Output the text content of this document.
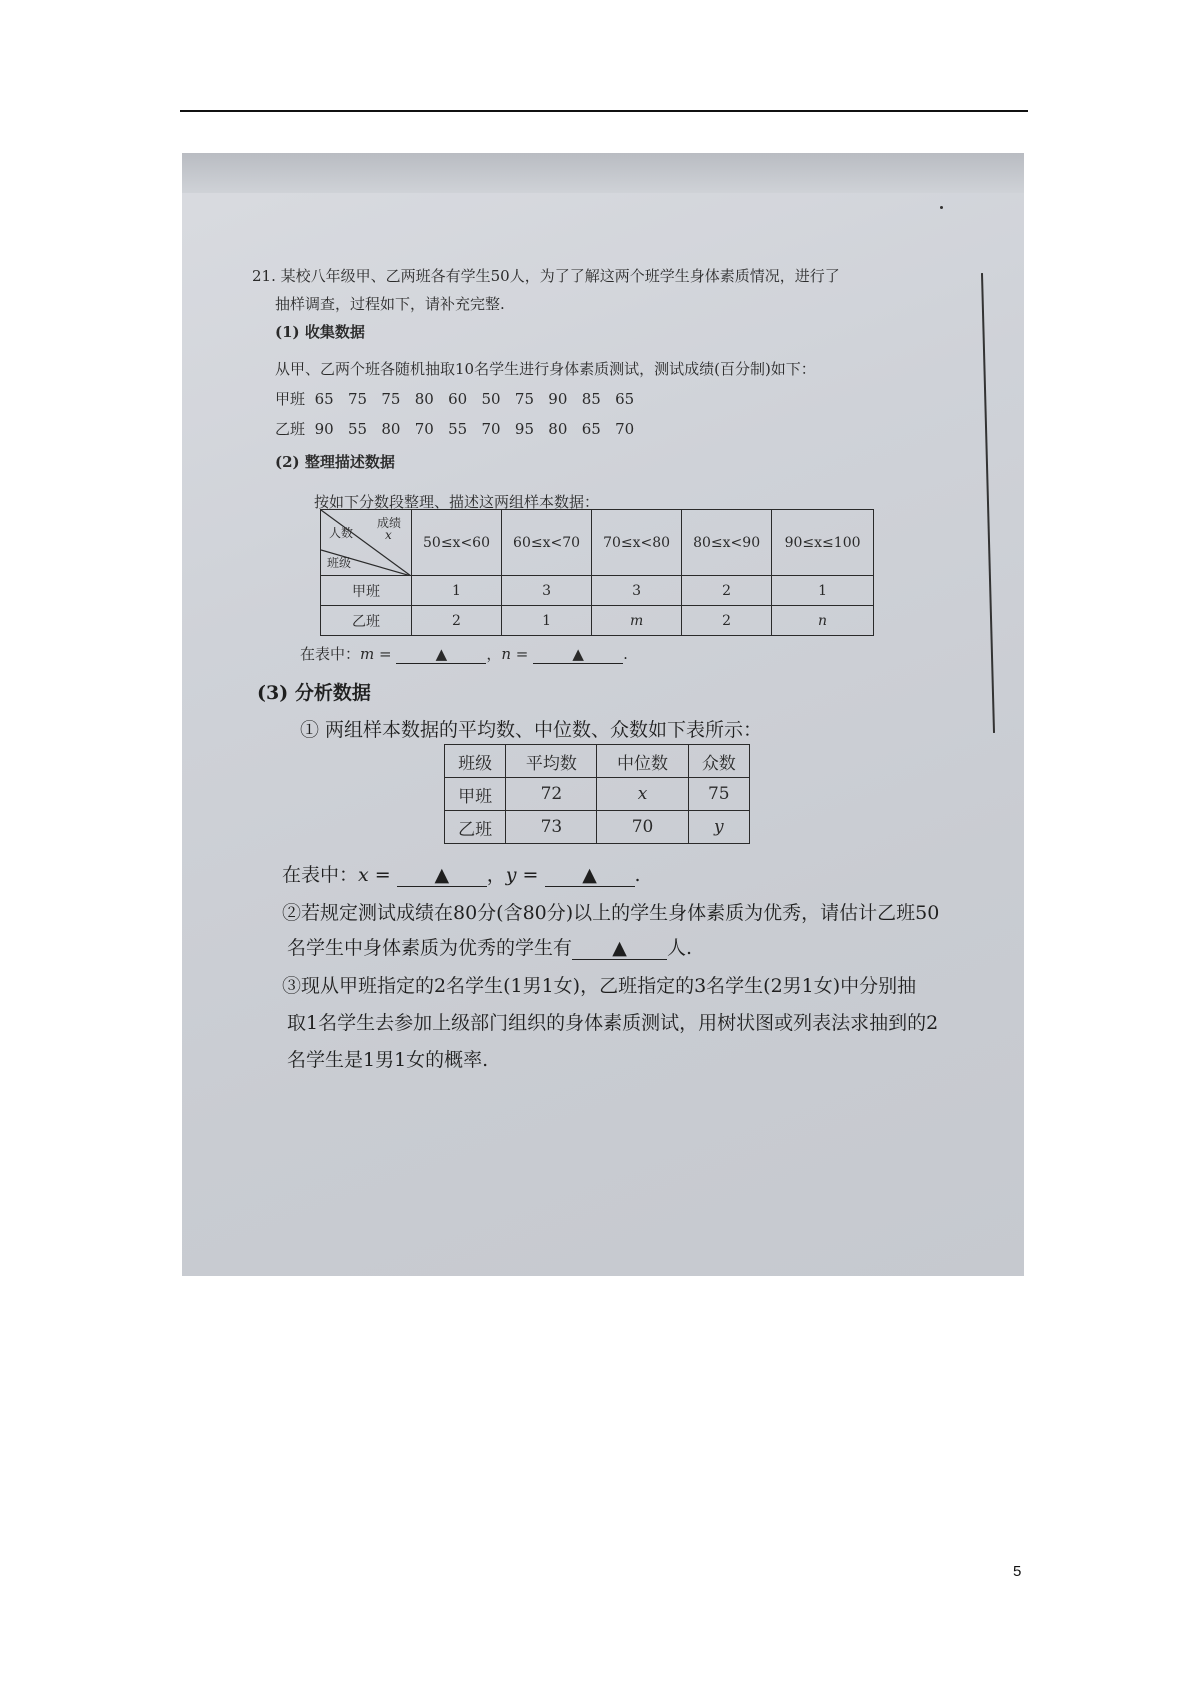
21. 某校八年级甲、乙两班各有学生50人，为了了解这两个班学生身体素质情况，进行了
抽样调查，过程如下，请补充完整.
(1) 收集数据
从甲、乙两个班各随机抽取10名学生进行身体素质测试，测试成绩(百分制)如下：
甲班 65   75   75   80   60   50   75   90   85   65
乙班 90   55   80   70   55   70   95   80   65   70
(2) 整理描述数据
按如下分数段整理、描述这两组样本数据：
成绩
x
人数
班级	50≤x<60	60≤x<70	70≤x<80	80≤x<90	90≤x≤100
甲班	1	3	3	2	1
乙班	2	1	m	2	n
在表中：m =	▲	，n =	▲	.
(3) 分析数据
① 两组样本数据的平均数、中位数、众数如下表所示：
班级	平均数	中位数	众数
甲班	72	x	75
乙班	73	70	y
在表中：x = ▲ ，y = ▲ .
②若规定测试成绩在80分(含80分)以上的学生身体素质为优秀，请估计乙班50
名学生中身体素质为优秀的学生有 ▲ 人.
③现从甲班指定的2名学生(1男1女)，乙班指定的3名学生(2男1女)中分别抽
取1名学生去参加上级部门组织的身体素质测试，用树状图或列表法求抽到的2
名学生是1男1女的概率.
5
